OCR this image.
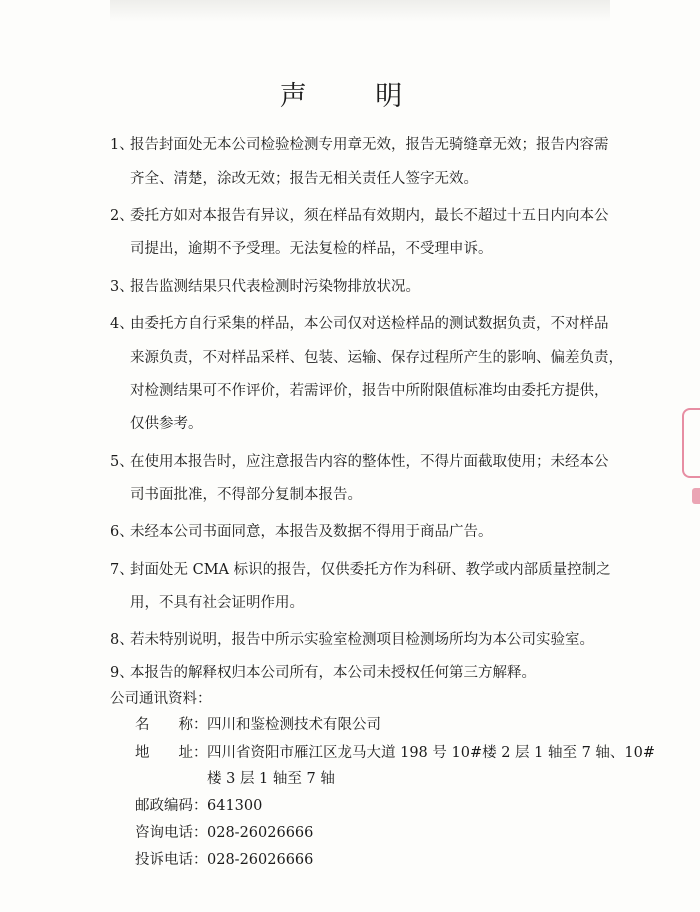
声 明
1、
报告封面处无本公司检验检测专用章无效，报告无骑缝章无效；报告内容需
齐全、清楚，涂改无效；报告无相关责任人签字无效。
2、
委托方如对本报告有异议，须在样品有效期内，最长不超过十五日内向本公
司提出，逾期不予受理。无法复检的样品，不受理申诉。
3、
报告监测结果只代表检测时污染物排放状况。
4、
由委托方自行采集的样品，本公司仅对送检样品的测试数据负责，不对样品
来源负责，不对样品采样、包装、运输、保存过程所产生的影响、偏差负责，
对检测结果可不作评价，若需评价，报告中所附限值标准均由委托方提供，
仅供参考。
5、
在使用本报告时，应注意报告内容的整体性，不得片面截取使用；未经本公
司书面批准，不得部分复制本报告。
6、
未经本公司书面同意，本报告及数据不得用于商品广告。
7、
封面处无 CMA 标识的报告，仅供委托方作为科研、教学或内部质量控制之
用，不具有社会证明作用。
8、
若未特别说明，报告中所示实验室检测项目检测场所均为本公司实验室。
9、
本报告的解释权归本公司所有，本公司未授权任何第三方解释。
公司通讯资料：
名　　称： 四川和鉴检测技术有限公司
地　　址： 四川省资阳市雁江区龙马大道 198 号 10#楼 2 层 1 轴至 7 轴、10#
楼 3 层 1 轴至 7 轴
邮政编码： 641300
咨询电话： 028-26026666
投诉电话： 028-26026666
